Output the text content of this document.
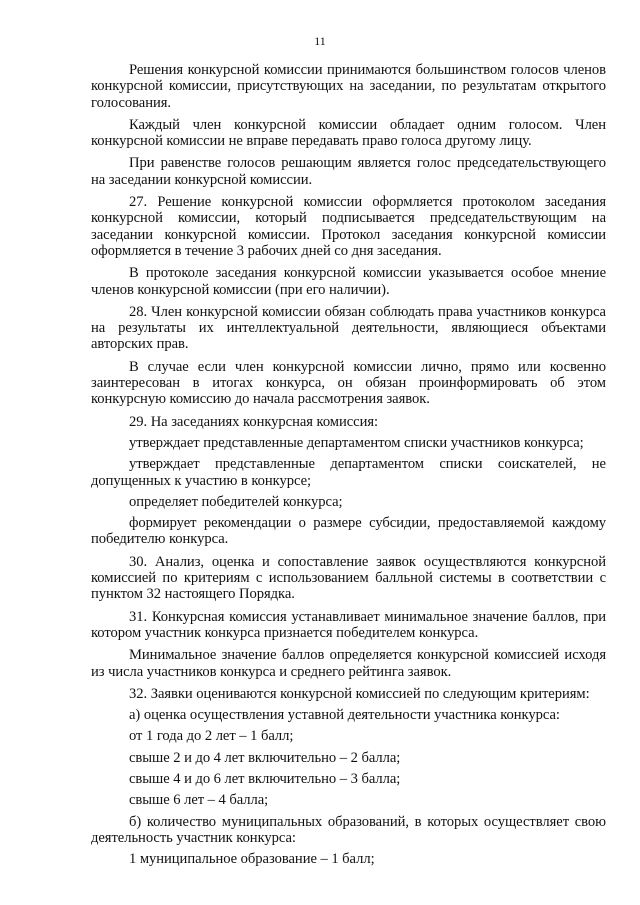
11

Решения конкурсной комиссии принимаются большинством голосов членов конкурсной комиссии, присутствующих на заседании, по результатам открытого голосования.

Каждый член конкурсной комиссии обладает одним голосом. Член конкурсной комиссии не вправе передавать право голоса другому лицу.

При равенстве голосов решающим является голос председательствующего на заседании конкурсной комиссии.

27. Решение конкурсной комиссии оформляется протоколом заседания конкурсной комиссии, который подписывается председательствующим на заседании конкурсной комиссии. Протокол заседания конкурсной комиссии оформляется в течение 3 рабочих дней со дня заседания.

В протоколе заседания конкурсной комиссии указывается особое мнение членов конкурсной комиссии (при его наличии).

28. Член конкурсной комиссии обязан соблюдать права участников конкурса на результаты их интеллектуальной деятельности, являющиеся объектами авторских прав.

В случае если член конкурсной комиссии лично, прямо или косвенно заинтересован в итогах конкурса, он обязан проинформировать об этом конкурсную комиссию до начала рассмотрения заявок.

29. На заседаниях конкурсная комиссия:

утверждает представленные департаментом списки участников конкурса;

утверждает представленные департаментом списки соискателей, не допущенных к участию в конкурсе;

определяет победителей конкурса;

формирует рекомендации о размере субсидии, предоставляемой каждому победителю конкурса.

30. Анализ, оценка и сопоставление заявок осуществляются конкурсной комиссией по критериям с использованием балльной системы в соответствии с пунктом 32 настоящего Порядка.

31. Конкурсная комиссия устанавливает минимальное значение баллов, при котором участник конкурса признается победителем конкурса.

Минимальное значение баллов определяется конкурсной комиссией исходя из числа участников конкурса и среднего рейтинга заявок.

32. Заявки оцениваются конкурсной комиссией по следующим критериям:

а) оценка осуществления уставной деятельности участника конкурса:

от 1 года до 2 лет – 1 балл;

свыше 2 и до 4 лет включительно – 2 балла;

свыше 4 и до 6 лет включительно – 3 балла;

свыше 6 лет – 4 балла;

б) количество муниципальных образований, в которых осуществляет свою деятельность участник конкурса:

1 муниципальное образование – 1 балл;
